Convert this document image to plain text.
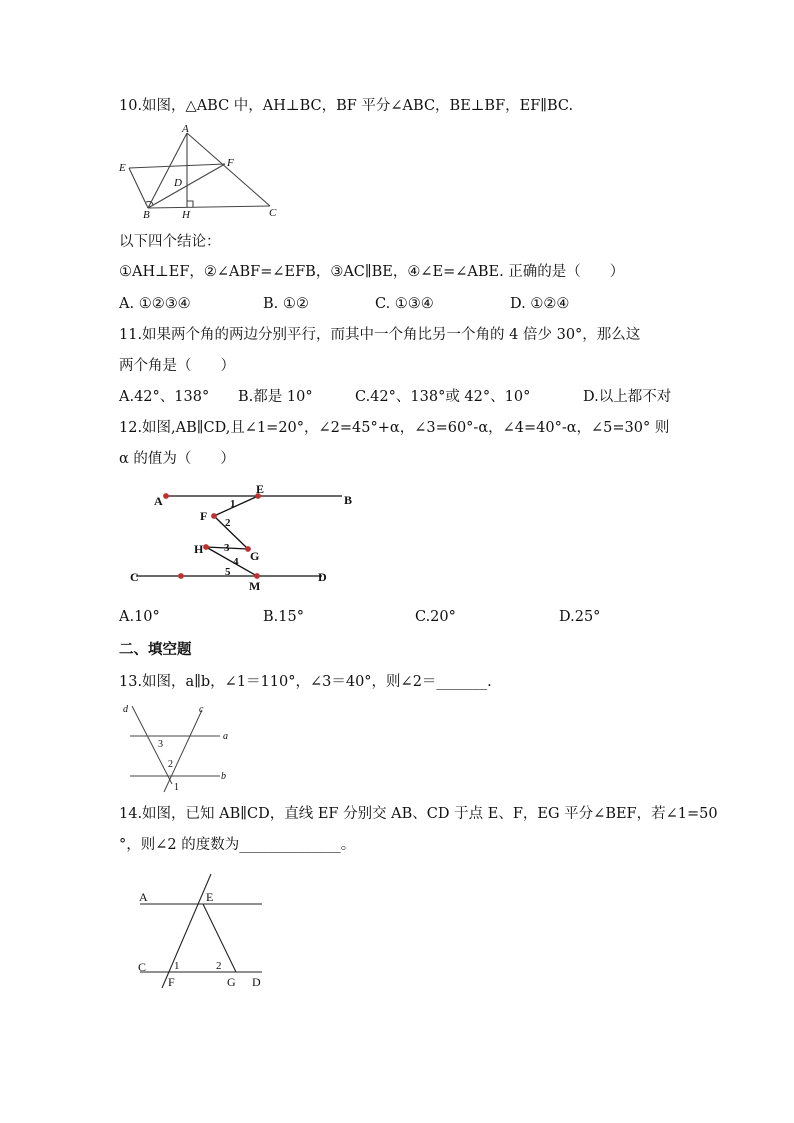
10.如图，△ABC 中，AH⊥BC，BF 平分∠ABC，BE⊥BF，EF∥BC.
A
E	F
D
B	H	C
以下四个结论：
①AH⊥EF，②∠ABF=∠EFB，③AC∥BE，④∠E=∠ABE. 正确的是（　　）
A. ①②③④	B. ①②	C. ①③④	D. ①②④
11.如果两个角的两边分别平行，而其中一个角比另一个角的 4 倍少 30°，那么这
两个角是（　　）
A.42°、138° B.都是 10°	C.42°、138°或 42°、10°	D.以上都不对
12.如图,AB∥CD,且∠1=20°，∠2=45°+α，∠3=60°-α，∠4=40°-α，∠5=30° 则
α 的值为（　　）
A	B
E
F
H	G
C	D
M
1
2
3
4
5
A.10°	B.15°	C.20°	D.25°
二、填空题
13.如图，a∥b，∠1＝110°，∠3＝40°，则∠2＝_______.
d	c
a
b
3
2
1
14.如图，已知 AB∥CD，直线 EF 分别交 AB、CD 于点 E、F，EG 平分∠BEF，若∠1=50
°，则∠2 的度数为______________。
A	E
C
F	G D
1	2
